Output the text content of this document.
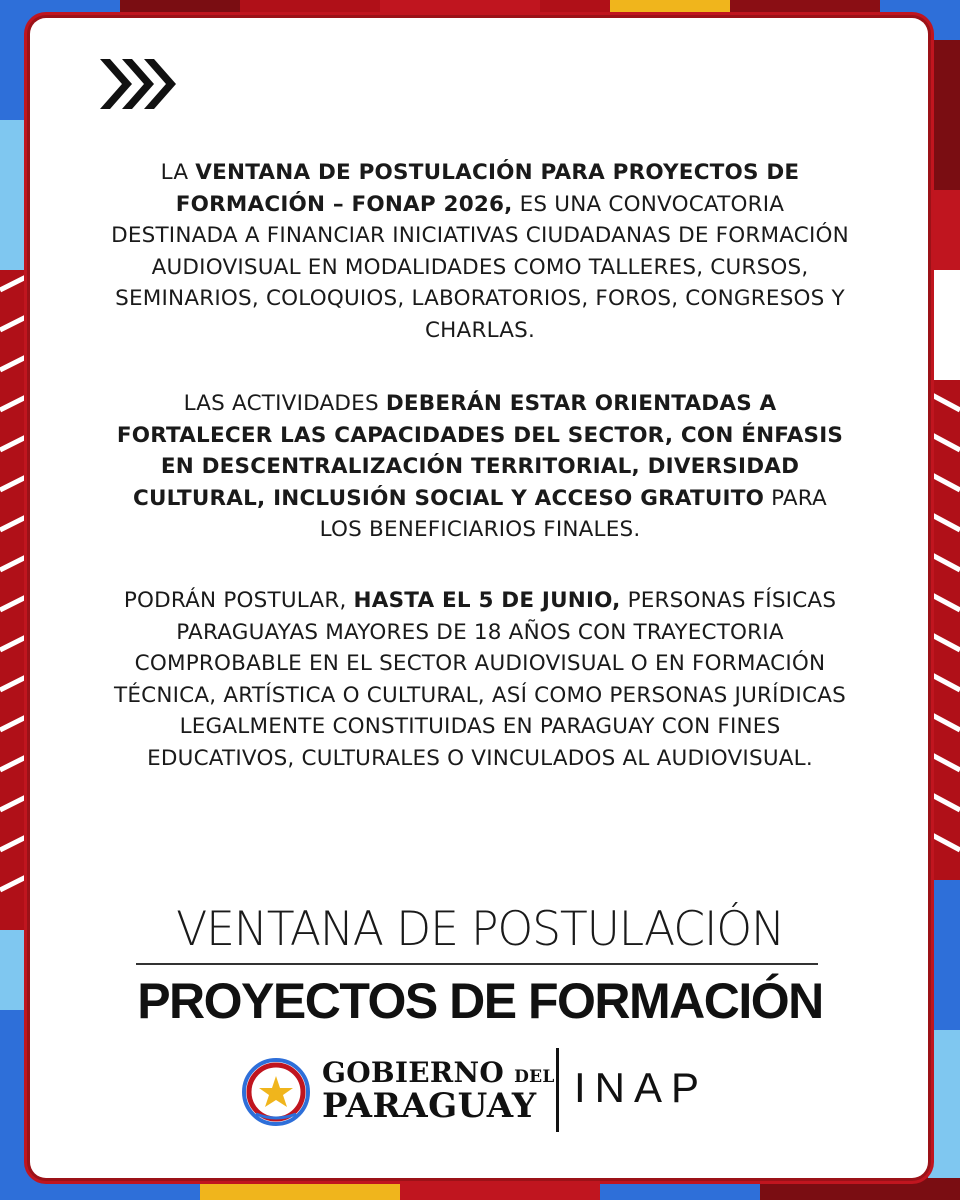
LA VENTANA DE POSTULACIÓN PARA PROYECTOS DE FORMACIÓN – FONAP 2026, ES UNA CONVOCATORIA DESTINADA A FINANCIAR INICIATIVAS CIUDADANAS DE FORMACIÓN AUDIOVISUAL EN MODALIDADES COMO TALLERES, CURSOS, SEMINARIOS, COLOQUIOS, LABORATORIOS, FOROS, CONGRESOS Y CHARLAS.
LAS ACTIVIDADES DEBERÁN ESTAR ORIENTADAS A FORTALECER LAS CAPACIDADES DEL SECTOR, CON ÉNFASIS EN DESCENTRALIZACIÓN TERRITORIAL, DIVERSIDAD CULTURAL, INCLUSIÓN SOCIAL Y ACCESO GRATUITO PARA LOS BENEFICIARIOS FINALES.
PODRÁN POSTULAR, HASTA EL 5 DE JUNIO, PERSONAS FÍSICAS PARAGUAYAS MAYORES DE 18 AÑOS CON TRAYECTORIA COMPROBABLE EN EL SECTOR AUDIOVISUAL O EN FORMACIÓN TÉCNICA, ARTÍSTICA O CULTURAL, ASÍ COMO PERSONAS JURÍDICAS LEGALMENTE CONSTITUIDAS EN PARAGUAY CON FINES EDUCATIVOS, CULTURALES O VINCULADOS AL AUDIOVISUAL.
VENTANA DE POSTULACIÓN
PROYECTOS DE FORMACIÓN
GOBIERNO DEL
PARAGUAY INAP
